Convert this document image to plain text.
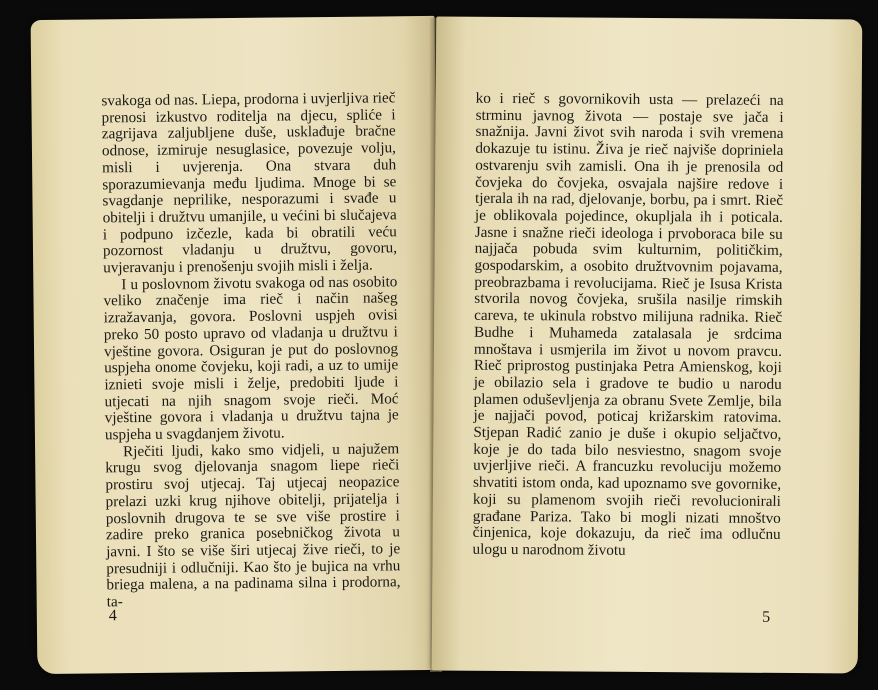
svakoga od nas. Liepa, prodorna i uvjerljiva rieč prenosi izkustvo roditelja na djecu, spliće i zagrijava zaljubljene duše, usklađuje bračne odnose, izmiruje nesuglasice, povezuje volju, misli i uvjerenja. Ona stvara duh sporazumievanja među ljudima. Mnoge bi se svagdanje neprilike, nesporazumi i svađe u obitelji i družtvu umanjile, u većini bi slučajeva i podpuno izčezle, kada bi obratili veću pozornost vladanju u družtvu, govoru, uvjeravanju i prenošenju svojih misli i želja.

I u poslovnom životu svakoga od nas osobito veliko značenje ima rieč i način našeg izražavanja, govora. Poslovni uspjeh ovisi preko 50 posto upravo od vladanja u družtvu i vještine govora. Osiguran je put do poslovnog uspjeha onome čovjeku, koji radi, a uz to umije iznieti svoje misli i želje, predobiti ljude i utjecati na njih snagom svoje rieči. Moć vještine govora i vladanja u družtvu tajna je uspjeha u svagdanjem životu.

Rječiti ljudi, kako smo vidjeli, u najužem krugu svog djelovanja snagom liepe rieči prostiru svoj utjecaj. Taj utjecaj neopazice prelazi uzki krug njihove obitelji, prijatelja i poslovnih drugova te se sve više prostire i zadire preko granica posebničkog života u javni. I što se više širi utjecaj žive rieči, to je presudniji i odlučniji. Kao što je bujica na vrhu briega malena, a na padinama silna i prodorna, ta-

4

ko i rieč s govornikovih usta — prelazeći na strminu javnog života — postaje sve jača i snažnija. Javni život svih naroda i svih vremena dokazuje tu istinu. Živa je rieč najviše doprinielа ostvarenju svih zamisli. Ona ih je prenosila od čovjeka do čovjeka, osvajala najšire redove i tjerala ih na rad, djelovanje, borbu, pa i smrt. Rieč je oblikovala pojedince, okupljala ih i poticala. Jasne i snažne rieči ideologa i prvoboraca bile su najjača pobuda svim kulturnim, političkim, gospodarskim, a osobito družtvovnim pojavama, preobrazbama i revolucijama. Rieč je Isusa Krista stvorila novog čovjeka, srušila nasilje rimskih careva, te ukinula robstvo milijuna radnika. Rieč Budhe i Muhameda zatalasala je srdcima mnoštava i usmjerila im život u novom pravcu. Rieč priprostog pustinjaka Petra Amienskog, koji je obilazio sela i gradove te budio u narodu plamen oduševljenja za obranu Svete Zemlje, bila je najjači povod, poticaj križarskim ratovima. Stjepan Radić zanio je duše i okupio seljačtvo, koje je do tada bilo nesviestno, snagom svoje uvjerljive rieči. A francuzku revoluciju možemo shvatiti istom onda, kad upoznamo sve govornike, koji su plamenom svojih rieči revolucionirali građane Pariza. Tako bi mogli nizati mnoštvo činjenica, koje dokazuju, da rieč ima odlučnu ulogu u narodnom životu

5
